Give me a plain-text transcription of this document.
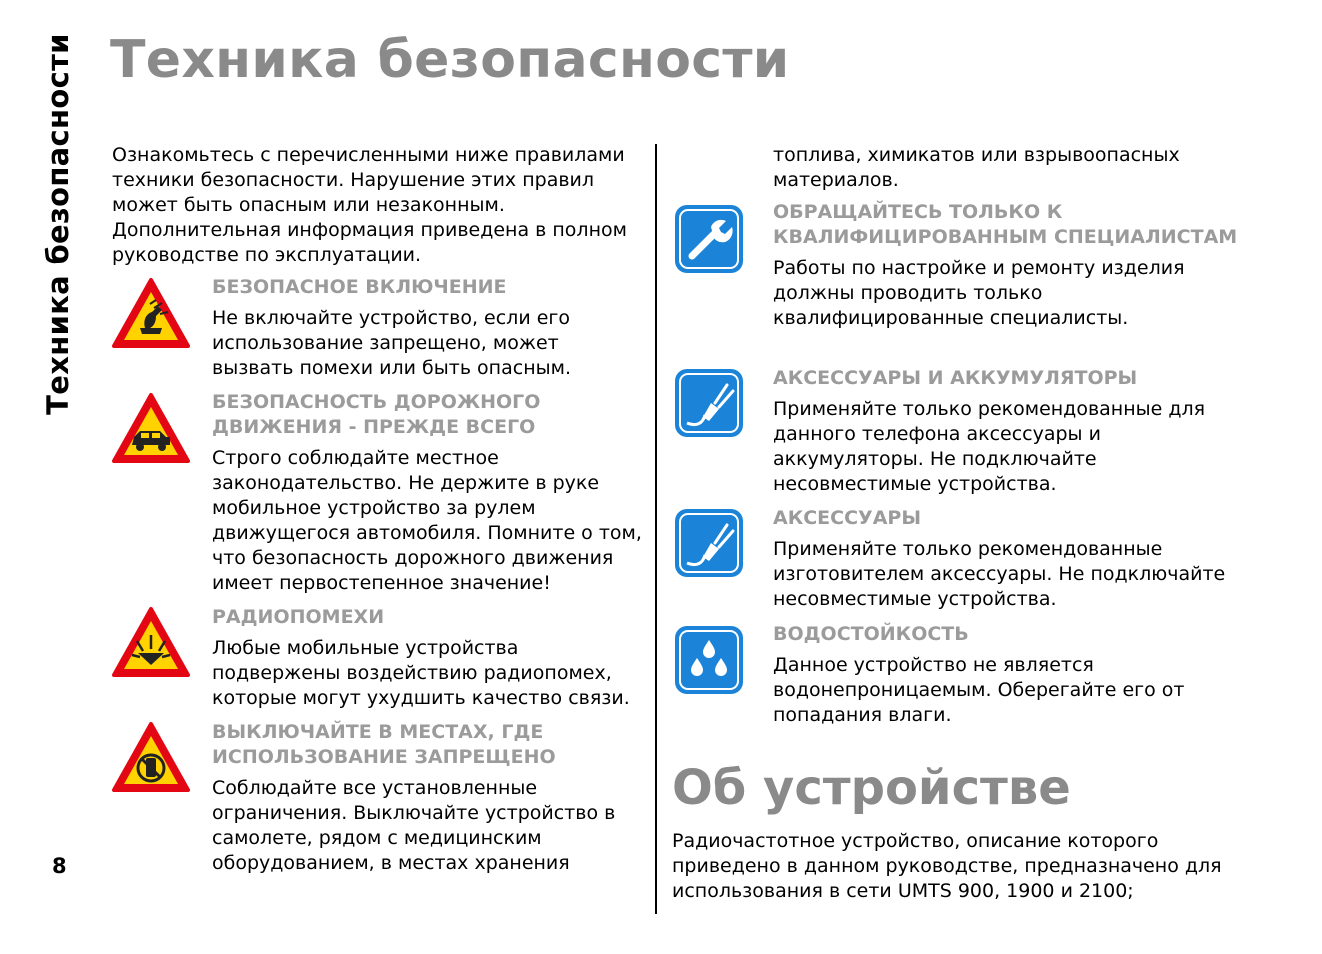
Техника безопасности Техника безопасности

Ознакомьтесь с перечисленными ниже правилами техники безопасности. Нарушение этих правил может быть опасным или незаконным. Дополнительная информация приведена в полном руководстве по эксплуатации.

БЕЗОПАСНОЕ ВКЛЮЧЕНИЕ

Не включайте устройство, если его использование запрещено, может вызвать помехи или быть опасным.

БЕЗОПАСНОСТЬ ДОРОЖНОГО ДВИЖЕНИЯ - ПРЕЖДЕ ВСЕГО

Строго соблюдайте местное законодательство. Не держите в руке мобильное устройство за рулем движущегося автомобиля. Помните о том, что безопасность дорожного движения имеет первостепенное значение!

РАДИОПОМЕХИ

Любые мобильные устройства подвержены воздействию радиопомех, которые могут ухудшить качество связи.

ВЫКЛЮЧАЙТЕ В МЕСТАХ, ГДЕ ИСПОЛЬЗОВАНИЕ ЗАПРЕЩЕНО

Соблюдайте все установленные ограничения. Выключайте устройство в самолете, рядом с медицинским оборудованием, в местах хранения

8

топлива, химикатов или взрывоопасных материалов.

ОБРАЩАЙТЕСЬ ТОЛЬКО К КВАЛИФИЦИРОВАННЫМ СПЕЦИАЛИСТАМ

Работы по настройке и ремонту изделия должны проводить только квалифицированные специалисты.

АКСЕССУАРЫ И АККУМУЛЯТОРЫ

Применяйте только рекомендованные для данного телефона аксессуары и аккумуляторы. Не подключайте несовместимые устройства.

АКСЕССУАРЫ

Применяйте только рекомендованные изготовителем аксессуары. Не подключайте несовместимые устройства.

ВОДОСТОЙКОСТЬ

Данное устройство не является водонепроницаемым. Оберегайте его от попадания влаги.

Об устройстве

Радиочастотное устройство, описание которого приведено в данном руководстве, предназначено для использования в сети UMTS 900, 1900 и 2100;
